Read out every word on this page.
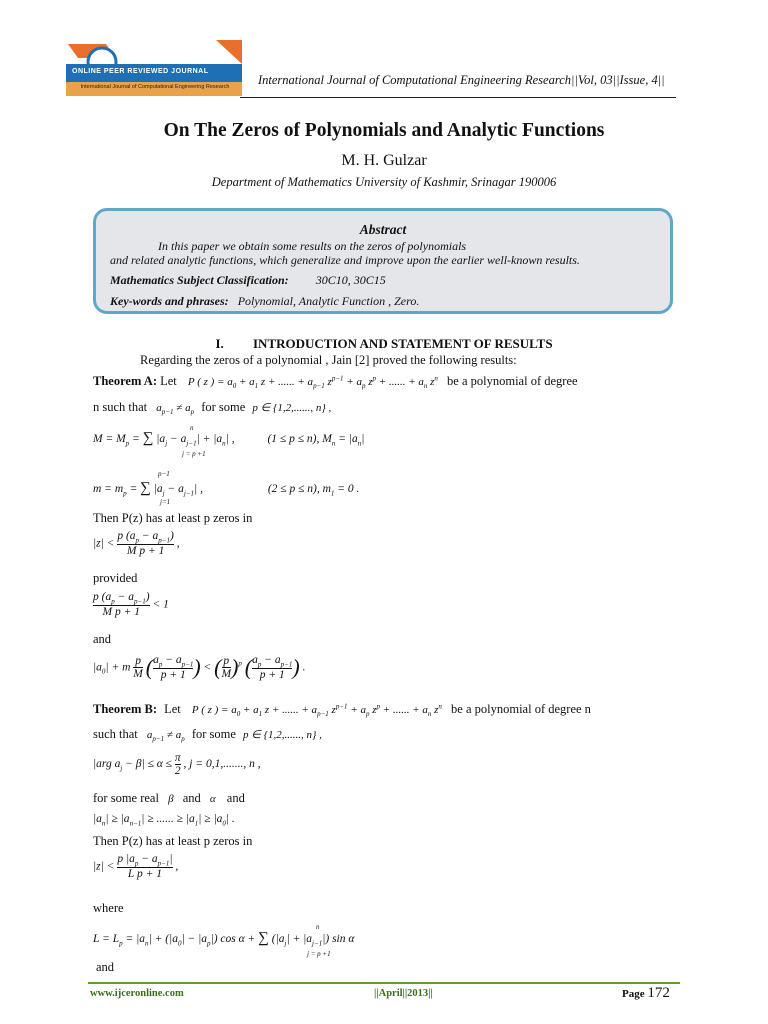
IJCER
ONLINE PEER REVIEWED JOURNAL
International Journal of Computational Engineering Research International Journal of Computational Engineering Research||Vol, 03||Issue, 4||
On The Zeros of Polynomials and Analytic Functions
M. H. Gulzar
Department of Mathematics University of Kashmir, Srinagar 190006
Abstract
In this paper we obtain some results on the zeros of polynomials
and related analytic functions, which generalize and improve upon the earlier well-known results.
Mathematics Subject Classification: 30C10, 30C15
Key-words and phrases: Polynomial, Analytic Function , Zero.
I. INTRODUCTION AND STATEMENT OF RESULTS
Regarding the zeros of a polynomial , Jain [2] proved the following results:
Theorem A: Let P ( z ) = $a_0 + a_1$ z + ...... + $a_{p-1}$ $z^{p-1} + a_p$ $z^p$ + ...... + $a_n$ $z^n$ be a polynomial of degree
n such that $a_{p-1} \ne a_p$ for some p ∈ {1,2,......, n} ,
$M = M_p$ = ∑ $|a_j - a_{j-1}| + |a_n|$ ,	(1 ≤ p ≤ n), $M_n = |a_n|$
n
j = p +1
$m = m_p$ = ∑ $|a_j - a_{j-1}|$ ,	(2 ≤ p ≤ n), $m_1 = 0$ .
p−1
j=1
Then P(z) has at least p zeros in
$|z| < \frac{p (a_p - a_{p-1})}{\text{M p + 1}}$ ,
provided
$\frac{p (a_p - a_{p-1})}{\text{M p + 1}} < 1$
and
$|a_0| + m \frac{p}{M}$ ( $\frac{a_p - a_{p-1}}{p + 1}$ ) < ( $\frac{p}{M} )^p$ ( $\frac{a_p - a_{p-1}}{p + 1}$ ) .
Theorem B: Let P ( z ) = $a_0 + a_1$ z + ...... + $a_{p-1}$ $z^{p-1} + a_p$ $z^p$ + ...... + $a_n$ $z^n$ be a polynomial of degree n
such that $a_{p-1} \ne a_p$ for some p ∈ {1,2,......, n} ,
|arg $a_j - \beta| \le \alpha \le \frac{\pi}{2}$ , j = 0,1,......., n ,
for some real β and α and
$|a_n| \ge |a_{n-1}|$ ≥ ...... ≥ $|a_1| \ge |a_0|$ .
Then P(z) has at least p zeros in
$|z| < \frac{p |a_p - a_{p-1}|}{\text{L p + 1}}$ ,
where
$L = L_p = |a_n| + (|a_0| - |a_p|)$ cos α + ∑ $(|a_j| + |a_{j-1}|)$ sin α
n
j = p +1
and
www.ijceronline.com	||April||2013||	Page 172
